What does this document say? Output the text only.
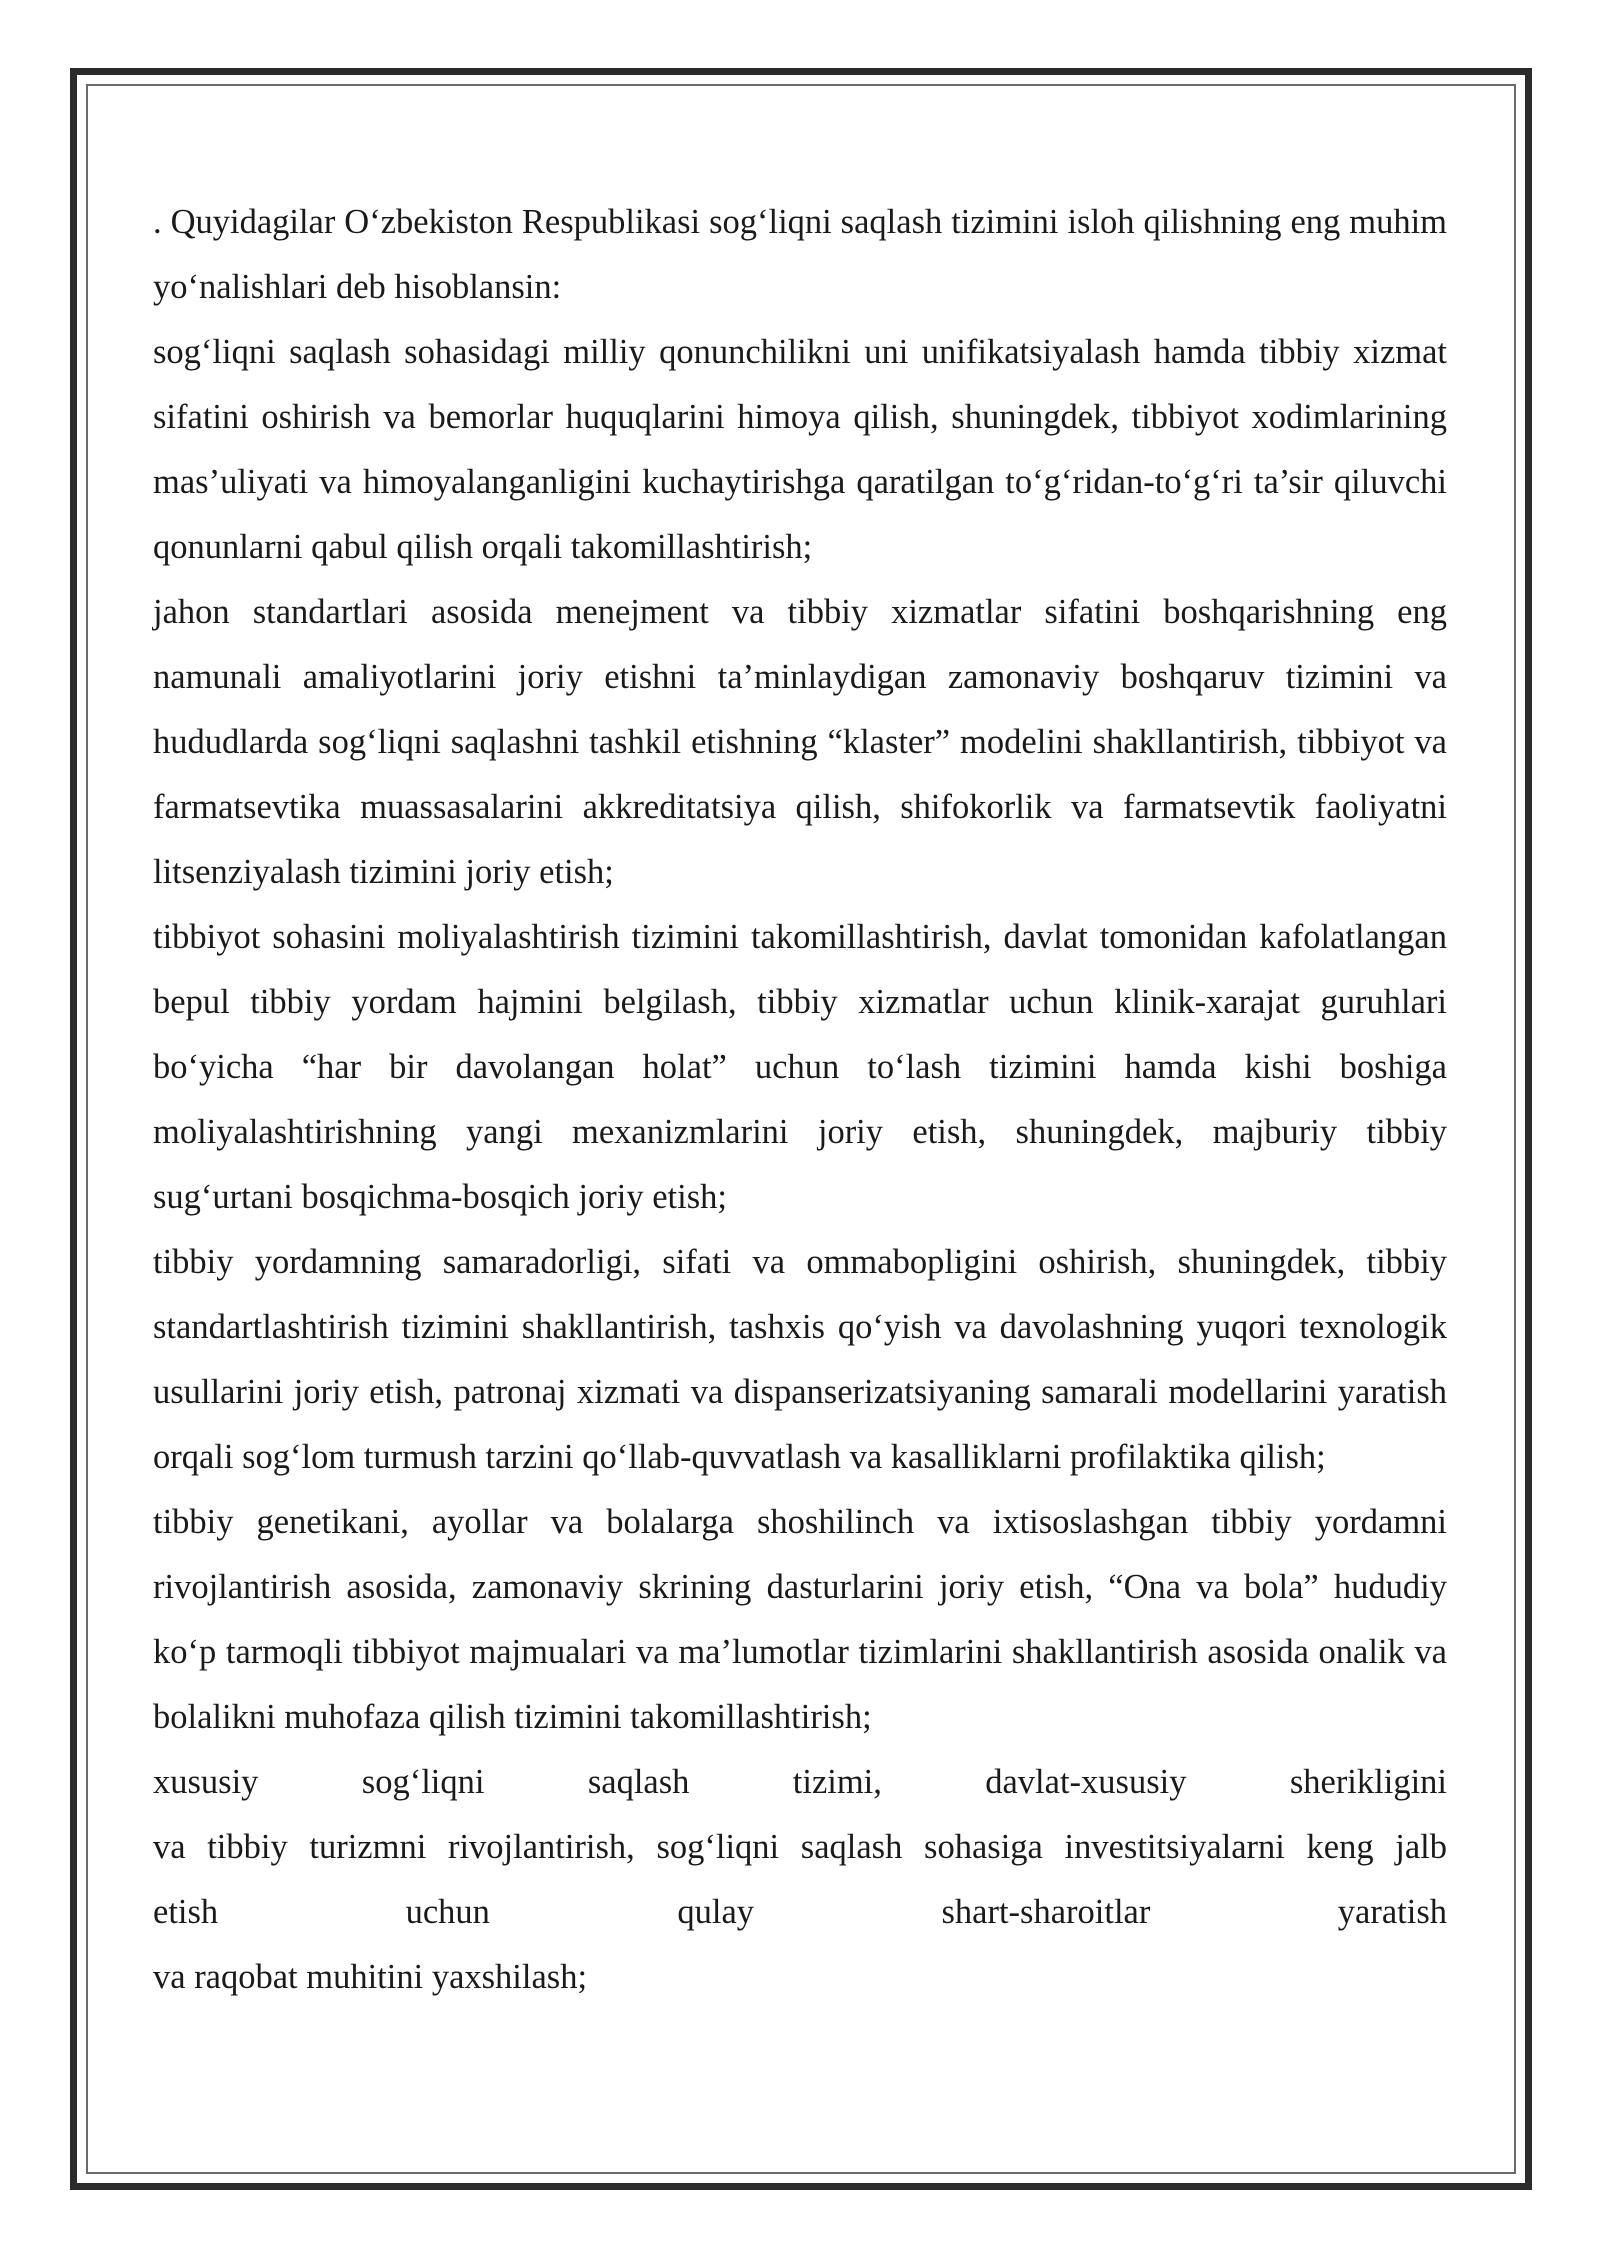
. Quyidagilar O‘zbekiston Respublikasi sog‘liqni saqlash tizimini isloh qilishning eng muhim yo‘nalishlari deb hisoblansin:

sog‘liqni saqlash sohasidagi milliy qonunchilikni uni unifikatsiyalash hamda tibbiy xizmat sifatini oshirish va bemorlar huquqlarini himoya qilish, shuningdek, tibbiyot xodimlarining mas’uliyati va himoyalanganligini kuchaytirishga qaratilgan to‘g‘ridan-to‘g‘ri ta’sir qiluvchi qonunlarni qabul qilish orqali takomillashtirish;

jahon standartlari asosida menejment va tibbiy xizmatlar sifatini boshqarishning eng namunali amaliyotlarini joriy etishni ta’minlaydigan zamonaviy boshqaruv tizimini va hududlarda sog‘liqni saqlashni tashkil etishning “klaster” modelini shakllantirish, tibbiyot va farmatsevtika muassasalarini akkreditatsiya qilish, shifokorlik va farmatsevtik faoliyatni litsenziyalash tizimini joriy etish;

tibbiyot sohasini moliyalashtirish tizimini takomillashtirish, davlat tomonidan kafolatlangan bepul tibbiy yordam hajmini belgilash, tibbiy xizmatlar uchun klinik-xarajat guruhlari bo‘yicha “har bir davolangan holat” uchun to‘lash tizimini hamda kishi boshiga moliyalashtirishning yangi mexanizmlarini joriy etish, shuningdek, majburiy tibbiy sug‘urtani bosqichma-bosqich joriy etish;

tibbiy yordamning samaradorligi, sifati va ommabopligini oshirish, shuningdek, tibbiy standartlashtirish tizimini shakllantirish, tashxis qo‘yish va davolashning yuqori texnologik usullarini joriy etish, patronaj xizmati va dispanserizatsiyaning samarali modellarini yaratish orqali sog‘lom turmush tarzini qo‘llab-quvvatlash va kasalliklarni profilaktika qilish;

tibbiy genetikani, ayollar va bolalarga shoshilinch va ixtisoslashgan tibbiy yordamni rivojlantirish asosida, zamonaviy skrining dasturlarini joriy etish, “Ona va bola” hududiy ko‘p tarmoqli tibbiyot majmualari va ma’lumotlar tizimlarini shakllantirish asosida onalik va bolalikni muhofaza qilish tizimini takomillashtirish;

xususiy sog‘liqni saqlash tizimi, davlat-xususiy sherikligini

va tibbiy turizmni rivojlantirish, sog‘liqni saqlash sohasiga investitsiyalarni keng jalb

etish uchun qulay shart-sharoitlar yaratish

va raqobat muhitini yaxshilash;
